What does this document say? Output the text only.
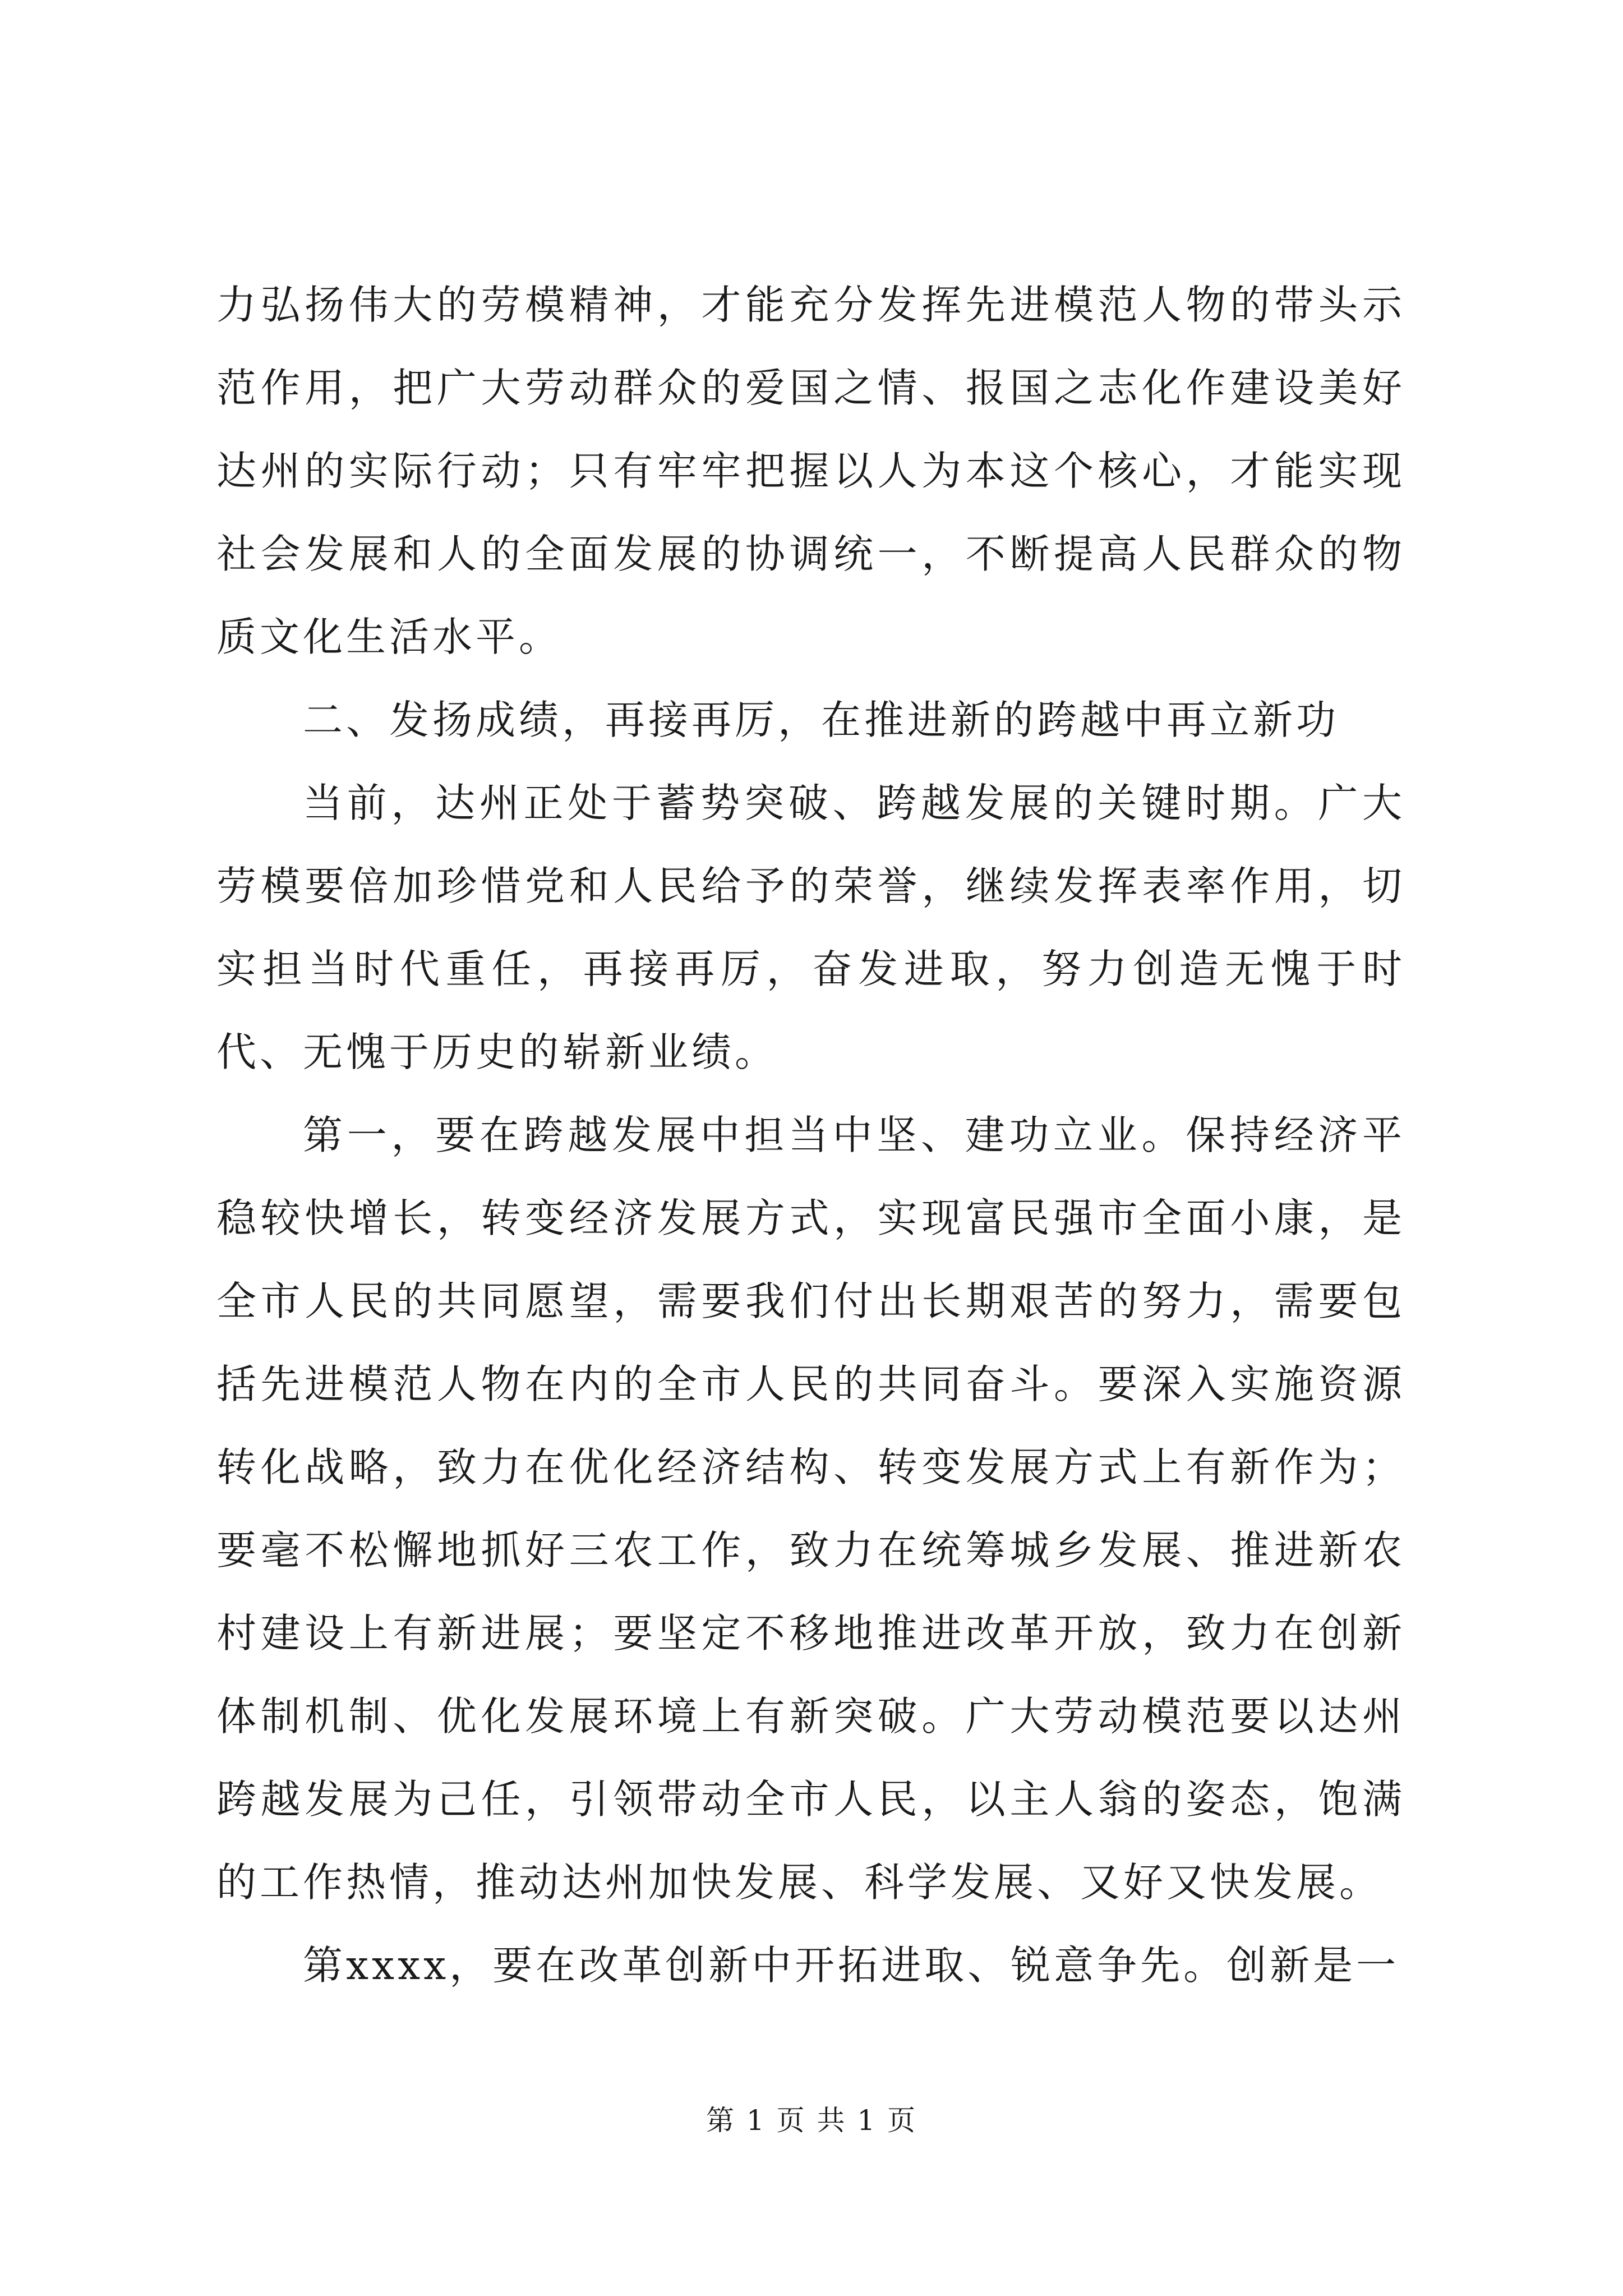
力弘扬伟大的劳模精神，才能充分发挥先进模范人物的带头示范作用，把广大劳动群众的爱国之情、报国之志化作建设美好达州的实际行动；只有牢牢把握以人为本这个核心，才能实现社会发展和人的全面发展的协调统一，不断提高人民群众的物质文化生活水平。

二、发扬成绩，再接再厉，在推进新的跨越中再立新功

当前，达州正处于蓄势突破、跨越发展的关键时期。广大劳模要倍加珍惜党和人民给予的荣誉，继续发挥表率作用，切实担当时代重任，再接再厉，奋发进取，努力创造无愧于时代、无愧于历史的崭新业绩。

第一，要在跨越发展中担当中坚、建功立业。保持经济平稳较快增长，转变经济发展方式，实现富民强市全面小康，是全市人民的共同愿望，需要我们付出长期艰苦的努力，需要包括先进模范人物在内的全市人民的共同奋斗。要深入实施资源转化战略，致力在优化经济结构、转变发展方式上有新作为；要毫不松懈地抓好三农工作，致力在统筹城乡发展、推进新农村建设上有新进展；要坚定不移地推进改革开放，致力在创新体制机制、优化发展环境上有新突破。广大劳动模范要以达州跨越发展为己任，引领带动全市人民，以主人翁的姿态，饱满的工作热情，推动达州加快发展、科学发展、又好又快发展。

第xxxx，要在改革创新中开拓进取、锐意争先。创新是一

第 1 页 共 1 页
